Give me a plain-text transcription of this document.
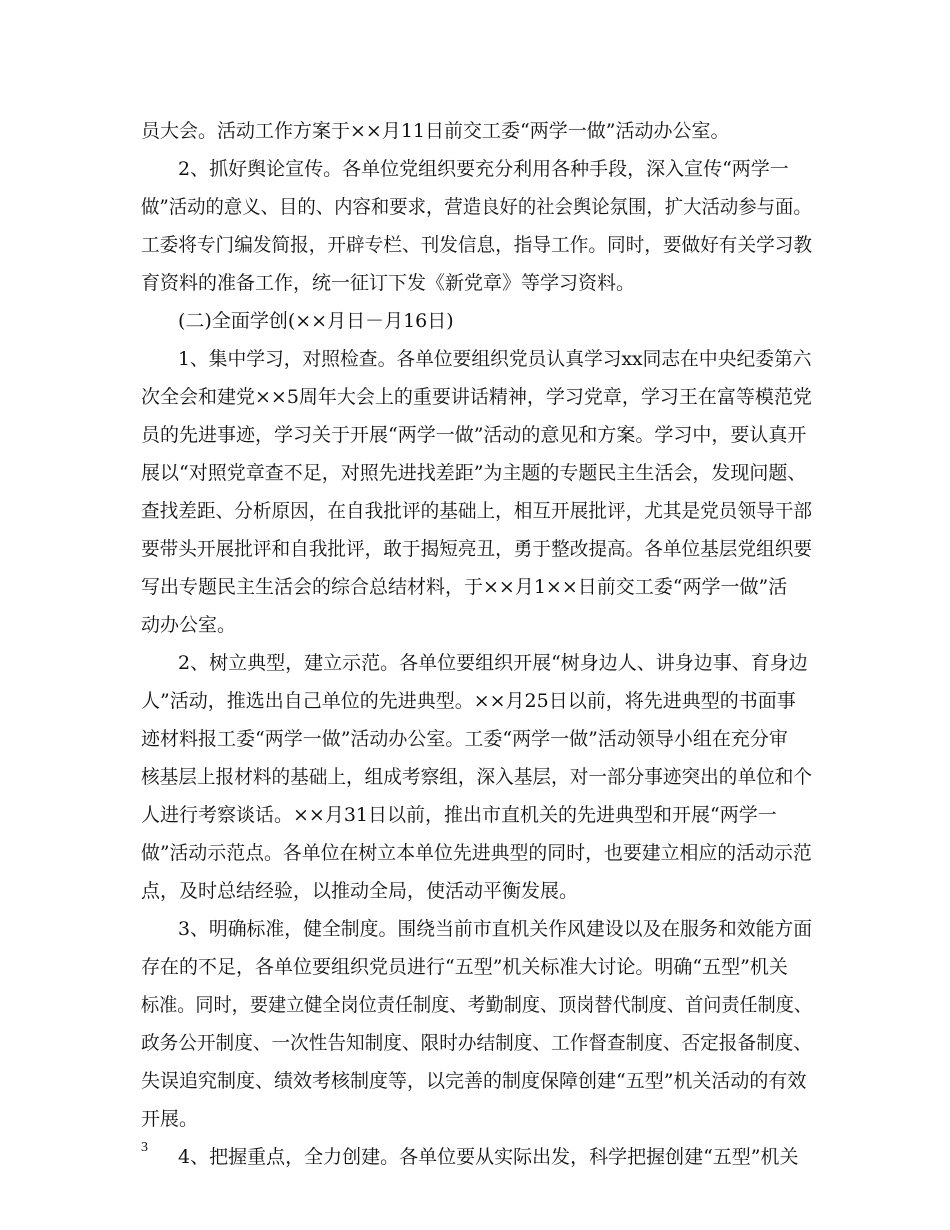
员大会。活动工作方案于××月11日前交工委“两学一做”活动办公室。
2、抓好舆论宣传。各单位党组织要充分利用各种手段，深入宣传“两学一
做”活动的意义、目的、内容和要求，营造良好的社会舆论氛围，扩大活动参与面。
工委将专门编发简报，开辟专栏、刊发信息，指导工作。同时，要做好有关学习教
育资料的准备工作，统一征订下发《新党章》等学习资料。
(二)全面学创(××月日－月16日)
1、集中学习，对照检查。各单位要组织党员认真学习xx同志在中央纪委第六
次全会和建党××5周年大会上的重要讲话精神，学习党章，学习王在富等模范党
员的先进事迹，学习关于开展“两学一做”活动的意见和方案。学习中，要认真开
展以“对照党章查不足，对照先进找差距”为主题的专题民主生活会，发现问题、
查找差距、分析原因，在自我批评的基础上，相互开展批评，尤其是党员领导干部
要带头开展批评和自我批评，敢于揭短亮丑，勇于整改提高。各单位基层党组织要
写出专题民主生活会的综合总结材料，于××月1××日前交工委“两学一做”活
动办公室。
2、树立典型，建立示范。各单位要组织开展“树身边人、讲身边事、育身边
人”活动，推选出自己单位的先进典型。××月25日以前，将先进典型的书面事
迹材料报工委“两学一做”活动办公室。工委“两学一做”活动领导小组在充分审
核基层上报材料的基础上，组成考察组，深入基层，对一部分事迹突出的单位和个
人进行考察谈话。××月31日以前，推出市直机关的先进典型和开展“两学一
做”活动示范点。各单位在树立本单位先进典型的同时，也要建立相应的活动示范
点，及时总结经验，以推动全局，使活动平衡发展。
3、明确标准，健全制度。围绕当前市直机关作风建设以及在服务和效能方面
存在的不足，各单位要组织党员进行“五型”机关标准大讨论。明确“五型”机关
标准。同时，要建立健全岗位责任制度、考勤制度、顶岗替代制度、首问责任制度、
政务公开制度、一次性告知制度、限时办结制度、工作督查制度、否定报备制度、
失误追究制度、绩效考核制度等，以完善的制度保障创建“五型”机关活动的有效
开展。
4、把握重点，全力创建。各单位要从实际出发，科学把握创建“五型”机关
3
